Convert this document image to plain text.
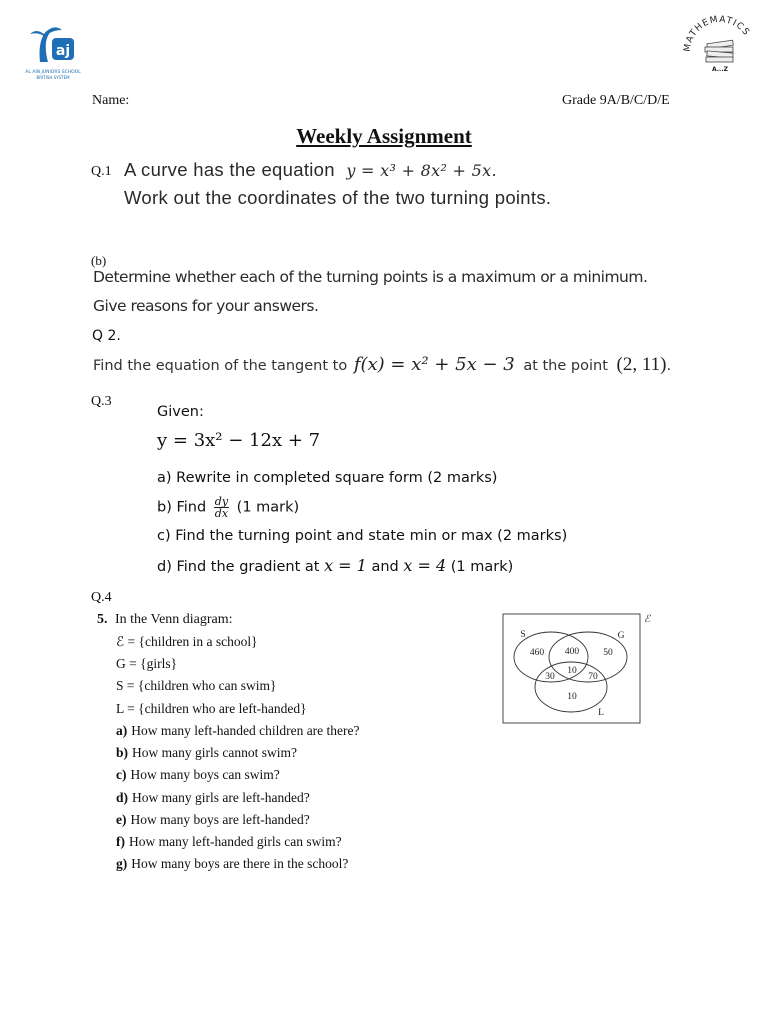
aj
AL AIN JUNIORS SCHOOL
BRITISH SYSTEM
MATHEMATICS
A...Z
Name:	Grade 9A/B/C/D/E
Weekly Assignment
Q.1 A curve has the equation y = x³ + 8x² + 5x.
Work out the coordinates of the two turning points.
(b)
Determine whether each of the turning points is a maximum or a minimum.
Give reasons for your answers.
Q 2.
Find the equation of the tangent to f(x) = x² + 5x − 3 at the point (2, 11).
Q.3
Given:
y = 3x² − 12x + 7
a) Rewrite in completed square form (2 marks)
b) Find $\frac{dy}{dx} (1$ mark)
c) Find the turning point and state min or max (2 marks)
d) Find the gradient at x = 1 and x = 4 (1 mark)
Q.4
5. In the Venn diagram:
ℰ = {children in a school}
G = {girls}
S = {children who can swim}
L = {children who are left-handed}
a) How many left-handed children are there?
b) How many girls cannot swim?
c) How many boys can swim?
d) How many girls are left-handed?
e) How many boys are left-handed?
f) How many left-handed girls can swim?
g) How many boys are there in the school?
ℰ
S	G
L
460 400	50
10
30	70
10
